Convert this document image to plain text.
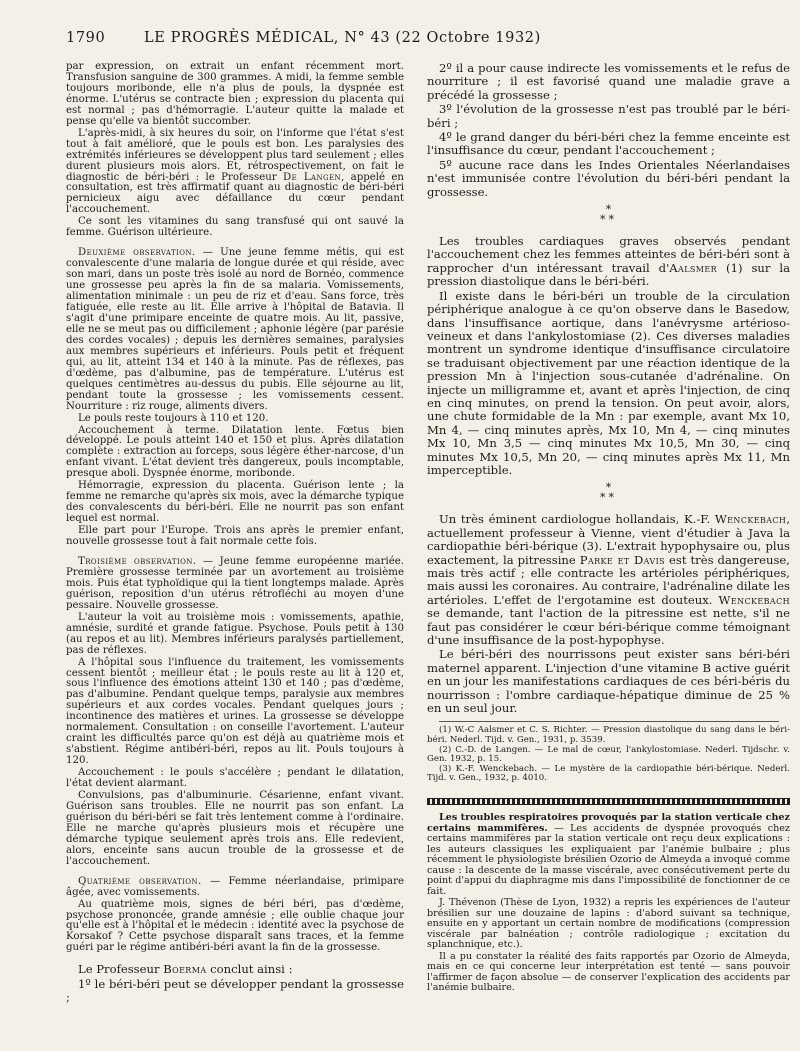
1790	LE PROGRÈS MÉDICAL, N° 43 (22 Octobre 1932)

par expression, on extrait un enfant récemment mort. Transfusion sanguine de 300 grammes. A midi, la femme semble toujours moribonde, elle n'a plus de pouls, la dyspnée est énorme. L'utérus se contracte bien ; expression du placenta qui est normal ; pas d'hémorragie. L'auteur quitte la malade et pense qu'elle va bientôt succomber.

L'après-midi, à six heures du soir, on l'informe que l'état s'est tout à fait amélioré, que le pouls est bon. Les paralysies des extrémités inférieures se développent plus tard seulement ; elles durent plusieurs mois alors. Et, rétrospectivement, on fait le diagnostic de béri-béri : le Professeur De Langen, appelé en consultation, est très affirmatif quant au diagnostic de béri-béri pernicieux aigu avec défaillance du cœur pendant l'accouchement.

Ce sont les vitamines du sang transfusé qui ont sauvé la femme. Guérison ultérieure.

Deuxième observation. — Une jeune femme métis, qui est convalescente d'une malaria de longue durée et qui réside, avec son mari, dans un poste très isolé au nord de Bornéo, commence une grossesse peu après la fin de sa malaria. Vomissements, alimentation minimale : un peu de riz et d'eau. Sans force, très fatiguée, elle reste au lit. Elle arrive à l'hôpital de Batavia. Il s'agit d'une primipare enceinte de quatre mois. Au lit, passive, elle ne se meut pas ou difficilement ; aphonie légère (par parésie des cordes vocales) ; depuis les dernières semaines, paralysies aux membres supérieurs et inférieurs. Pouls petit et fréquent qui, au lit, atteint 134 et 140 à la minute. Pas de réflexes, pas d'œdème, pas d'albumine, pas de température. L'utérus est quelques centimètres au-dessus du pubis. Elle séjourne au lit, pendant toute la grossesse ; les vomissements cessent. Nourriture : riz rouge, aliments divers.

Le pouls reste toujours à 110 et 120.

Accouchement à terme. Dilatation lente. Fœtus bien développé. Le pouls atteint 140 et 150 et plus. Après dilatation complète : extraction au forceps, sous légère éther-narcose, d'un enfant vivant. L'état devient très dangereux, pouls incomptable, presque aboli. Dyspnée énorme, moribonde.

Hémorragie, expression du placenta. Guérison lente ; la femme ne remarche qu'après six mois, avec la démarche typique des convalescents du béri-béri. Elle ne nourrit pas son enfant lequel est normal.

Elle part pour l'Europe. Trois ans après le premier enfant, nouvelle grossesse tout à fait normale cette fois.

Troisième observation. — Jeune femme européenne mariée. Première grossesse terminée par un avortement au troisième mois. Puis état typhoïdique qui la tient longtemps malade. Après guérison, reposition d'un utérus rétrofléchi au moyen d'une pessaire. Nouvelle grossesse.

L'auteur la voit au troisième mois : vomissements, apathie, amnésie, surdité et grande fatigue. Psychose. Pouls petit à 130 (au repos et au lit). Membres inférieurs paralysés partiellement, pas de réflexes.

A l'hôpital sous l'influence du traitement, les vomissements cessent bientôt ; meilleur état ; le pouls reste au lit à 120 et, sous l'influence des émotions atteint 130 et 140 ; pas d'œdème, pas d'albumine. Pendant quelque temps, paralysie aux membres supérieurs et aux cordes vocales. Pendant quelques jours ; incontinence des matières et urines. La grossesse se développe normalement. Consultation : on conseille l'avortement. L'auteur craint les difficultés parce qu'on est déjà au quatrième mois et s'abstient. Régime antibéri-béri, repos au lit. Pouls toujours à 120.

Accouchement : le pouls s'accélère ; pendant le dilatation, l'état devient alarmant.

Convulsions, pas d'albuminurie. Césarienne, enfant vivant. Guérison sans troubles. Elle ne nourrit pas son enfant. La guérison du béri-béri se fait très lentement comme à l'ordinaire. Elle ne marche qu'après plusieurs mois et récupère une démarche typique seulement après trois ans. Elle redevient, alors, enceinte sans aucun trouble de la grossesse et de l'accouchement.

Quatrième observation. — Femme néerlandaise, primipare âgée, avec vomissements.

Au quatrième mois, signes de béri béri, pas d'œdème, psychose prononcée, grande amnésie ; elle oublie chaque jour qu'elle est à l'hôpital et le médecin : identité avec la psychose de Korsakof ? Cette psychose disparaît sans traces, et la femme guéri par le régime antibéri-béri avant la fin de la grossesse.

Le Professeur Boerma conclut ainsi :

1º le béri-béri peut se développer pendant la grossesse ;

2º il a pour cause indirecte les vomissements et le refus de nourriture ; il est favorisé quand une maladie grave a précédé la grossesse ;

3º l'évolution de la grossesse n'est pas troublé par le béri-béri ;

4º le grand danger du béri-béri chez la femme enceinte est l'insuffisance du cœur, pendant l'accouchement ;

5º aucune race dans les Indes Orientales Néerlandaises n'est immunisée contre l'évolution du béri-béri pendant la grossesse.

*
**

Les troubles cardiaques graves observés pendant l'accouchement chez les femmes atteintes de béri-béri sont à rapprocher d'un intéressant travail d'Aalsmer (1) sur la pression diastolique dans le béri-béri.

Il existe dans le béri-béri un trouble de la circulation périphérique analogue à ce qu'on observe dans le Basedow, dans l'insuffisance aortique, dans l'anévrysme artérioso-veineux et dans l'ankylostomiase (2). Ces diverses maladies montrent un syndrome identique d'insuffisance circulatoire se traduisant objectivement par une réaction identique de la pression Mn à l'injection sous-cutanée d'adrénaline. On injecte un milligramme et, avant et après l'injection, de cinq en cinq minutes, on prend la tension. On peut avoir, alors, une chute formidable de la Mn : par exemple, avant Mx 10, Mn 4, — cinq minutes après, Mx 10, Mn 4, — cinq minutes Mx 10, Mn 3,5 — cinq minutes Mx 10,5, Mn 30, — cinq minutes Mx 10,5, Mn 20, — cinq minutes après Mx 11, Mn imperceptible.

*
**

Un très éminent cardiologue hollandais, K.-F. Wenckebach, actuellement professeur à Vienne, vient d'étudier à Java la cardiopathie béri-bérique (3). L'extrait hypophysaire ou, plus exactement, la pitressine Parke et Davis est très dangereuse, mais très actif ; elle contracte les artérioles périphériques, mais aussi les coronaires. Au contraire, l'adrénaline dilate les artérioles. L'effet de l'ergotamine est douteux. Wenckebach se demande, tant l'action de la pitressine est nette, s'il ne faut pas considérer le cœur béri-bérique comme témoignant d'une insuffisance de la post-hypophyse.

Le béri-béri des nourrissons peut exister sans béri-béri maternel apparent. L'injection d'une vitamine B active guérit en un jour les manifestations cardiaques de ces béri-béris du nourrisson : l'ombre cardiaque-hépatique diminue de 25 % en un seul jour.

(1) W.-C Aalsmer et C. S. Richter. — Pression diastolique du sang dans le béri-béri. Nederl. Tijd. v. Gen., 1931, p. 3539.

(2) C.-D. de Langen. — Le mal de cœur, l'ankylostomiase. Nederl. Tijdschr. v. Gen. 1932, p. 15.

(3) K.-F. Wenckebach. — Le mystère de la cardiopathie béri-bérique. Nederl. Tijd. v. Gen., 1932, p. 4010.

Les troubles respiratoires provoqués par la station verticale chez certains mammifères. — Les accidents de dyspnée provoqués chez certains mammifères par la station verticale ont reçu deux explications : les auteurs classiques les expliquaient par l'anémie bulbaire ; plus récemment le physiologiste brésilien Ozorio de Almeyda a invoqué comme cause : la descente de la masse viscérale, avec consécutivement perte du point d'appui du diaphragme mis dans l'impossibilité de fonctionner de ce fait.

J. Thévenon (Thèse de Lyon, 1932) a repris les expériences de l'auteur brésilien sur une douzaine de lapins : d'abord suivant sa technique, ensuite en y apportant un certain nombre de modifications (compression viscérale par balnéation ; contrôle radiologique ; excitation du splanchnique, etc.).

Il a pu constater la réalité des faits rapportés par Ozorio de Almeyda, mais en ce qui concerne leur interprétation est tenté — sans pouvoir l'affirmer de façon absolue — de conserver l'explication des accidents par l'anémie bulbaire.
